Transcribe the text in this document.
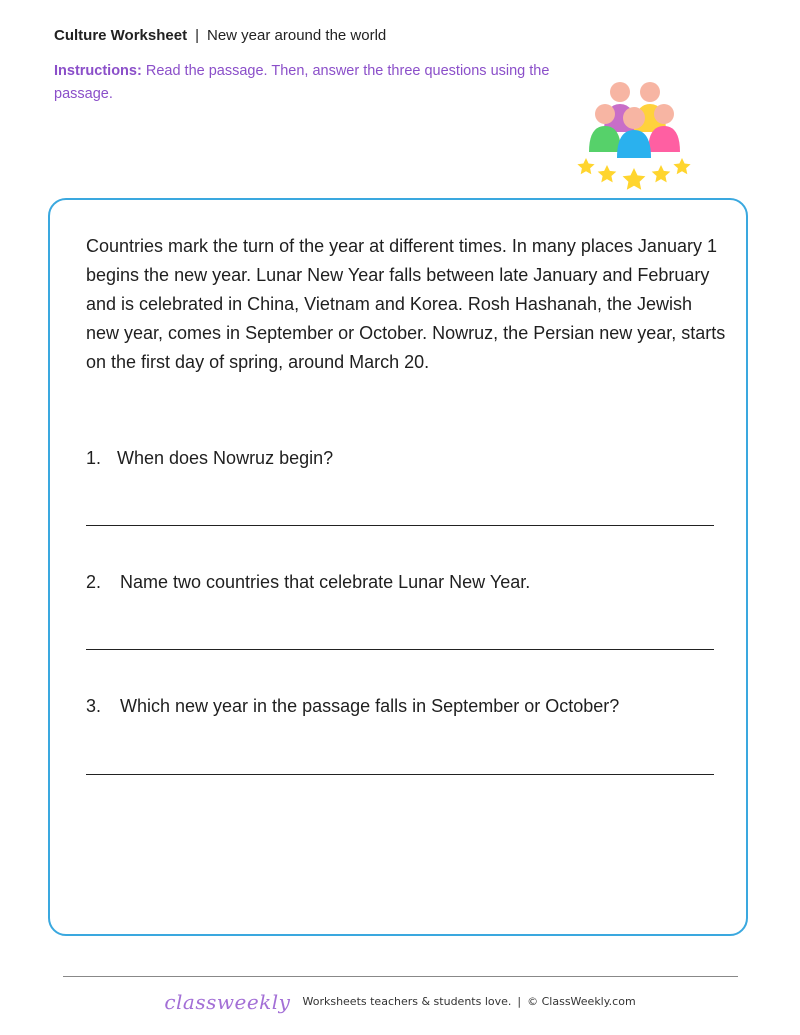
Culture Worksheet | New year around the world
Instructions: Read the passage. Then, answer the three questions using the passage.

Countries mark the turn of the year at different times. In many places January 1 begins the new year. Lunar New Year falls between late January and February and is celebrated in China, Vietnam and Korea. Rosh Hashanah, the Jewish new year, comes in September or October. Nowruz, the Persian new year, starts on the first day of spring, around March 20.

1. When does Nowruz begin?
2. Name two countries that celebrate Lunar New Year.
3. Which new year in the passage falls in September or October?
classweekly Worksheets teachers & students love. | © ClassWeekly.com
